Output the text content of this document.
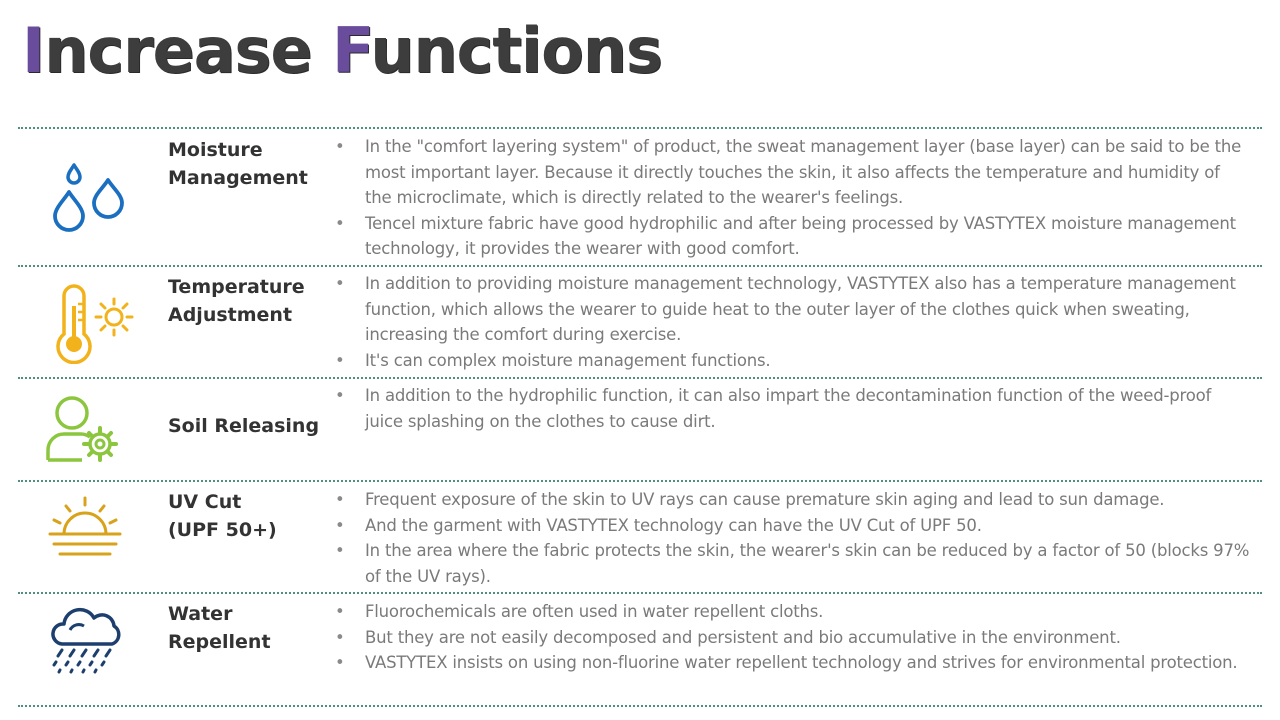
Increase Functions
Moisture
Management
• In the "comfort layering system" of product, the sweat management layer (base layer) can be said to be the most important layer. Because it directly touches the skin, it also affects the temperature and humidity of the microclimate, which is directly related to the wearer's feelings.
• Tencel mixture fabric have good hydrophilic and after being processed by VASTYTEX moisture management technology, it provides the wearer with good comfort.
Temperature
Adjustment
• In addition to providing moisture management technology, VASTYTEX also has a temperature management function, which allows the wearer to guide heat to the outer layer of the clothes quick when sweating, increasing the comfort during exercise.
• It's can complex moisture management functions.
Soil Releasing
• In addition to the hydrophilic function, it can also impart the decontamination function of the weed-proof juice splashing on the clothes to cause dirt.
UV Cut
(UPF 50+)
• Frequent exposure of the skin to UV rays can cause premature skin aging and lead to sun damage.
• And the garment with VASTYTEX technology can have the UV Cut of UPF 50.
• In the area where the fabric protects the skin, the wearer's skin can be reduced by a factor of 50 (blocks 97% of the UV rays).
Water
Repellent
• Fluorochemicals are often used in water repellent cloths.
• But they are not easily decomposed and persistent and bio accumulative in the environment.
• VASTYTEX insists on using non-fluorine water repellent technology and strives for environmental protection.
